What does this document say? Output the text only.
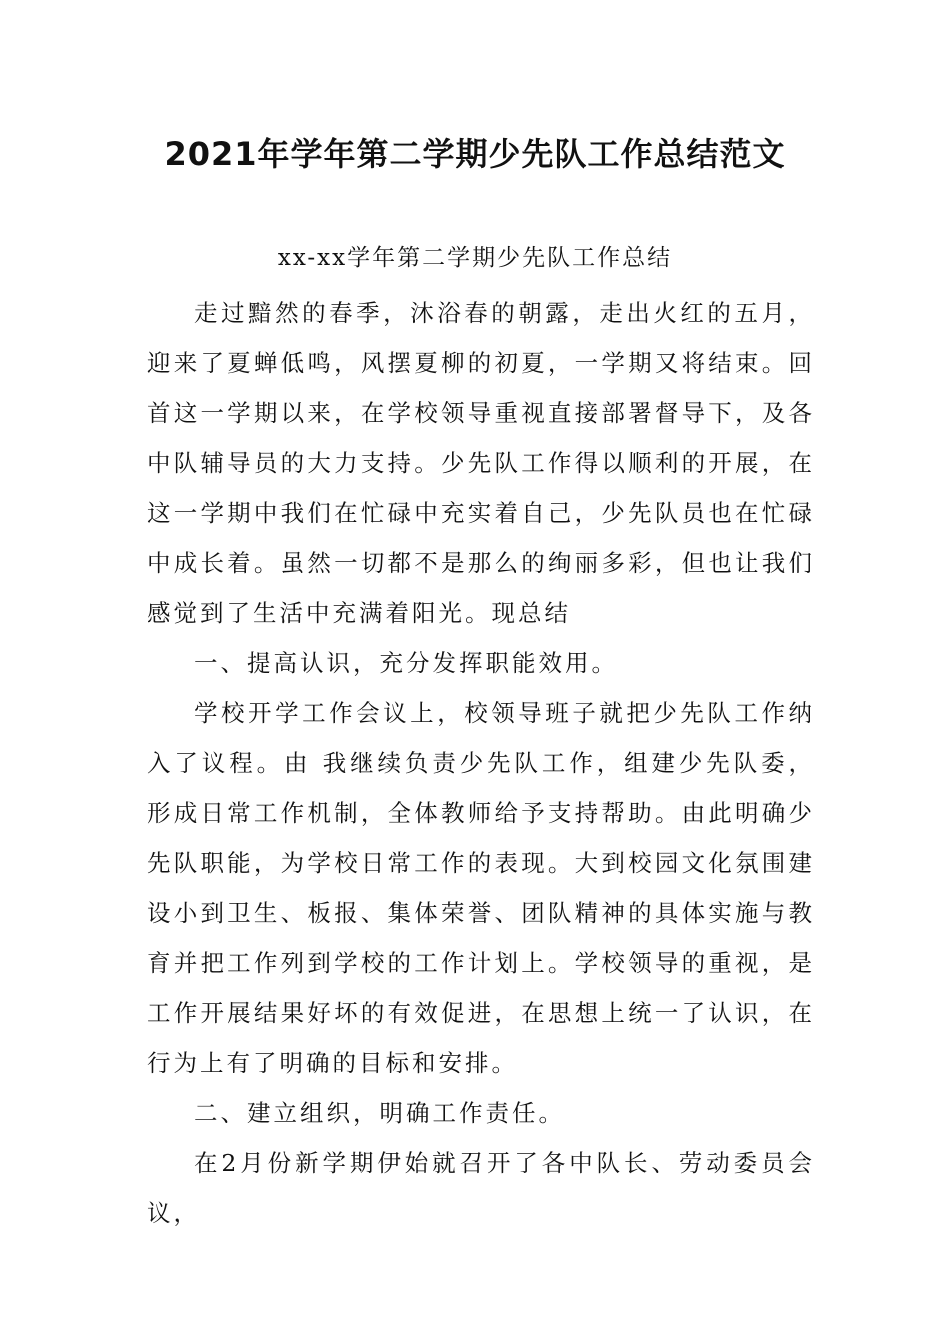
2021年学年第二学期少先队工作总结范文
xx-xx学年第二学期少先队工作总结

走过黯然的春季，沐浴春的朝露，走出火红的五月，迎来了夏蝉低鸣，风摆夏柳的初夏，一学期又将结束。回首这一学期以来，在学校领导重视直接部署督导下，及各中队辅导员的大力支持。少先队工作得以顺利的开展，在这一学期中我们在忙碌中充实着自己，少先队员也在忙碌中成长着。虽然一切都不是那么的绚丽多彩，但也让我们感觉到了生活中充满着阳光。现总结

一、提高认识，充分发挥职能效用。

学校开学工作会议上，校领导班子就把少先队工作纳入了议程。由 我继续负责少先队工作，组建少先队委，形成日常工作机制，全体教师给予支持帮助。由此明确少先队职能，为学校日常工作的表现。大到校园文化氛围建设小到卫生、板报、集体荣誉、团队精神的具体实施与教育并把工作列到学校的工作计划上。学校领导的重视，是工作开展结果好坏的有效促进，在思想上统一了认识，在行为上有了明确的目标和安排。

二、建立组织，明确工作责任。

在2月份新学期伊始就召开了各中队长、劳动委员会议，
